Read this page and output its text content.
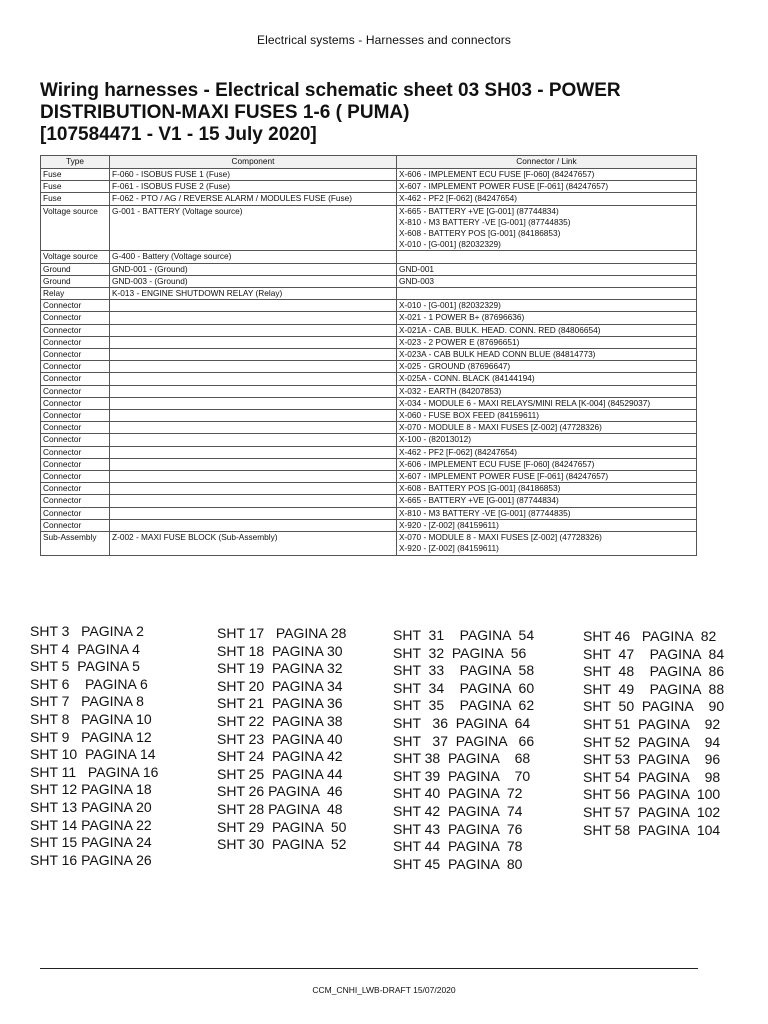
Electrical systems - Harnesses and connectors
Wiring harnesses - Electrical schematic sheet 03 SH03 - POWER
DISTRIBUTION-MAXI FUSES 1-6 ( PUMA)
[107584471 - V1 - 15 July 2020]
Type	Component	Connector / Link
Fuse	F-060 - ISOBUS FUSE 1 (Fuse)	X-606 - IMPLEMENT ECU FUSE [F-060] (84247657)

Fuse	F-061 - ISOBUS FUSE 2 (Fuse)	X-607 - IMPLEMENT POWER FUSE [F-061] (84247657)

Fuse	F-062 - PTO / AG / REVERSE ALARM / MODULES FUSE (Fuse)	X-462 - PF2 [F-062] (84247654)

Voltage source	G-001 - BATTERY (Voltage source)	X-665 - BATTERY +VE [G-001] (87744834)
X-810 - M3 BATTERY -VE [G-001] (87744835)
X-608 - BATTERY POS [G-001] (84186853)
X-010 - [G-001] (82032329)

Voltage source	G-400 - Battery (Voltage source)	

Ground	GND-001 - (Ground)	GND-001

Ground	GND-003 - (Ground)	GND-003

Relay	K-013 - ENGINE SHUTDOWN RELAY (Relay)	

Connector		X-010 - [G-001] (82032329)

Connector		X-021 - 1 POWER B+ (87696636)

Connector		X-021A - CAB. BULK. HEAD. CONN. RED (84806654)

Connector		X-023 - 2 POWER E (87696651)

Connector		X-023A - CAB BULK HEAD CONN BLUE (84814773)

Connector		X-025 - GROUND (87696647)

Connector		X-025A - CONN. BLACK (84144194)

Connector		X-032 - EARTH (84207853)

Connector		X-034 - MODULE 6 - MAXI RELAYS/MINI RELA [K-004] (84529037)

Connector		X-060 - FUSE BOX FEED (84159611)

Connector		X-070 - MODULE 8 - MAXI FUSES [Z-002] (47728326)

Connector		X-100 - (82013012)

Connector		X-462 - PF2 [F-062] (84247654)

Connector		X-606 - IMPLEMENT ECU FUSE [F-060] (84247657)

Connector		X-607 - IMPLEMENT POWER FUSE [F-061] (84247657)

Connector		X-608 - BATTERY POS [G-001] (84186853)

Connector		X-665 - BATTERY +VE [G-001] (87744834)

Connector		X-810 - M3 BATTERY -VE [G-001] (87744835)

Connector		X-920 - [Z-002] (84159611)

Sub-Assembly	Z-002 - MAXI FUSE BLOCK (Sub-Assembly)	X-070 - MODULE 8 - MAXI FUSES [Z-002] (47728326)
X-920 - [Z-002] (84159611)
SHT 3   PAGINA 2
SHT 4  PAGINA 4
SHT 5  PAGINA 5
SHT 6    PAGINA 6
SHT 7   PAGINA 8
SHT 8   PAGINA 10
SHT 9   PAGINA 12
SHT 10  PAGINA 14
SHT 11   PAGINA 16
SHT 12 PAGINA 18
SHT 13 PAGINA 20
SHT 14 PAGINA 22
SHT 15 PAGINA 24
SHT 16 PAGINA 26
SHT 17   PAGINA 28
SHT 18  PAGINA 30
SHT 19  PAGINA 32
SHT 20  PAGINA 34
SHT 21  PAGINA 36
SHT 22  PAGINA 38
SHT 23  PAGINA 40
SHT 24  PAGINA 42
SHT 25  PAGINA 44
SHT 26 PAGINA  46
SHT 28 PAGINA  48
SHT 29  PAGINA  50
SHT 30  PAGINA  52
SHT  31    PAGINA  54
SHT  32  PAGINA  56
SHT  33    PAGINA  58
SHT  34    PAGINA  60
SHT  35    PAGINA  62
SHT   36  PAGINA  64
SHT   37  PAGINA   66
SHT 38  PAGINA    68
SHT 39  PAGINA    70
SHT 40  PAGINA  72
SHT 42  PAGINA  74
SHT 43  PAGINA  76
SHT 44  PAGINA  78
SHT 45  PAGINA  80
SHT 46   PAGINA  82
SHT  47    PAGINA  84
SHT  48    PAGINA  86
SHT  49    PAGINA  88
SHT  50  PAGINA    90
SHT 51  PAGINA    92
SHT 52  PAGINA    94
SHT 53  PAGINA    96
SHT 54  PAGINA    98
SHT 56  PAGINA  100
SHT 57  PAGINA  102
SHT 58  PAGINA  104
CCM_CNHI_LWB-DRAFT 15/07/2020
